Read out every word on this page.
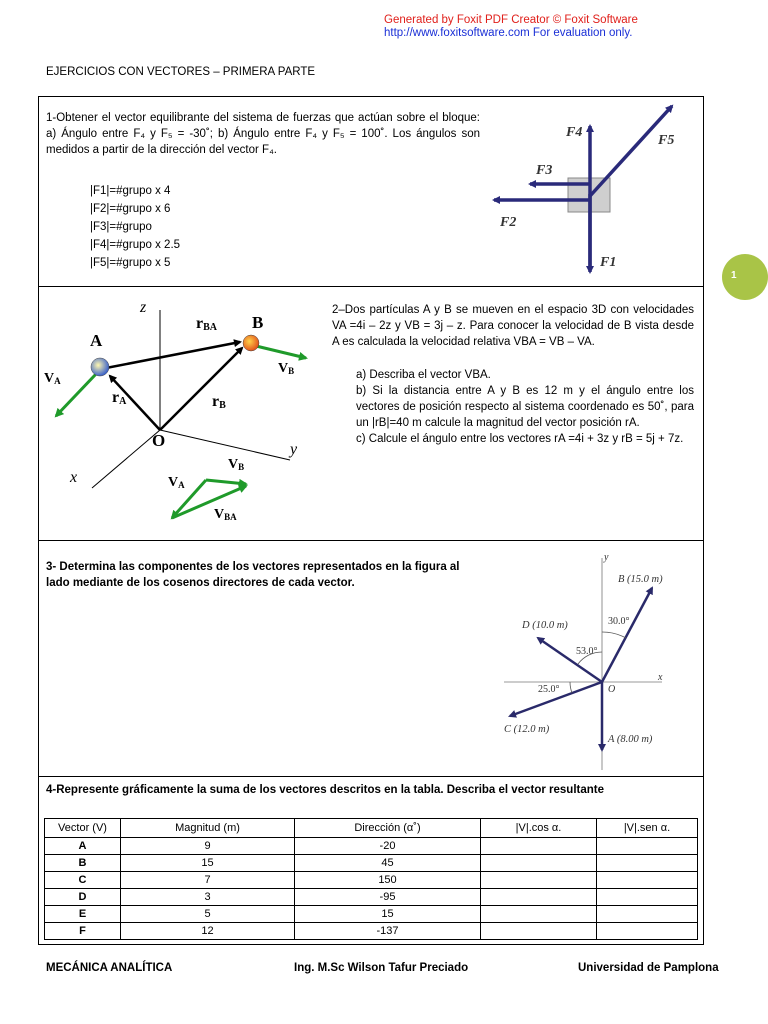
Generated by Foxit PDF Creator © Foxit Software
http://www.foxitsoftware.com For evaluation only.
EJERCICIOS CON VECTORES – PRIMERA PARTE
1
1-Obtener el vector equilibrante del sistema de fuerzas que actúan sobre el bloque: a) Ángulo entre F₄ y F₅ = -30˚; b) Ángulo entre F₄ y F₅ = 100˚. Los ángulos son medidos a partir de la dirección del vector F₄.
|F1|=#grupo x 4
|F2|=#grupo x 6
|F3|=#grupo
|F4|=#grupo x 2.5
|F5|=#grupo x 5
F4
F5
F3
F2
F1
z
y
x
O
A
B
rBA
rA	rB
VA
VB
VA
VB
VBA
2–Dos partículas A y B se mueven en el espacio 3D con velocidades VA =4i – 2z y VB = 3j – z. Para conocer la velocidad de B vista desde A es calculada la velocidad relativa VBA = VB – VA.
a) Describa el vector VBA.
b) Si la distancia entre A y B es 12 m y el ángulo entre los vectores de posición respecto al sistema coordenado es 50˚, para un |rB|=40 m calcule la magnitud del vector posición rA.
c) Calcule el ángulo entre los vectores rA =4i + 3z y rB = 5j + 7z.
3- Determina las componentes de los vectores representados en la figura al lado mediante de los cosenos directores de cada vector.
y
x
O
B (15.0 m)
D (10.0 m)
C (12.0 m)
A (8.00 m)
30.0°
53.0°
25.0°
4-Represente gráficamente la suma de los vectores descritos en la tabla. Describa el vector resultante
Vector (V)	Magnitud (m)	Dirección (α˚)	|V|.cos α.	|V|.sen α.
A	9	-20		
B	15	45		
C	7	150		
D	3	-95		
E	5	15		
F	12	-137		
MECÁNICA ANALÍTICA	Ing. M.Sc Wilson Tafur Preciado	Universidad de Pamplona
